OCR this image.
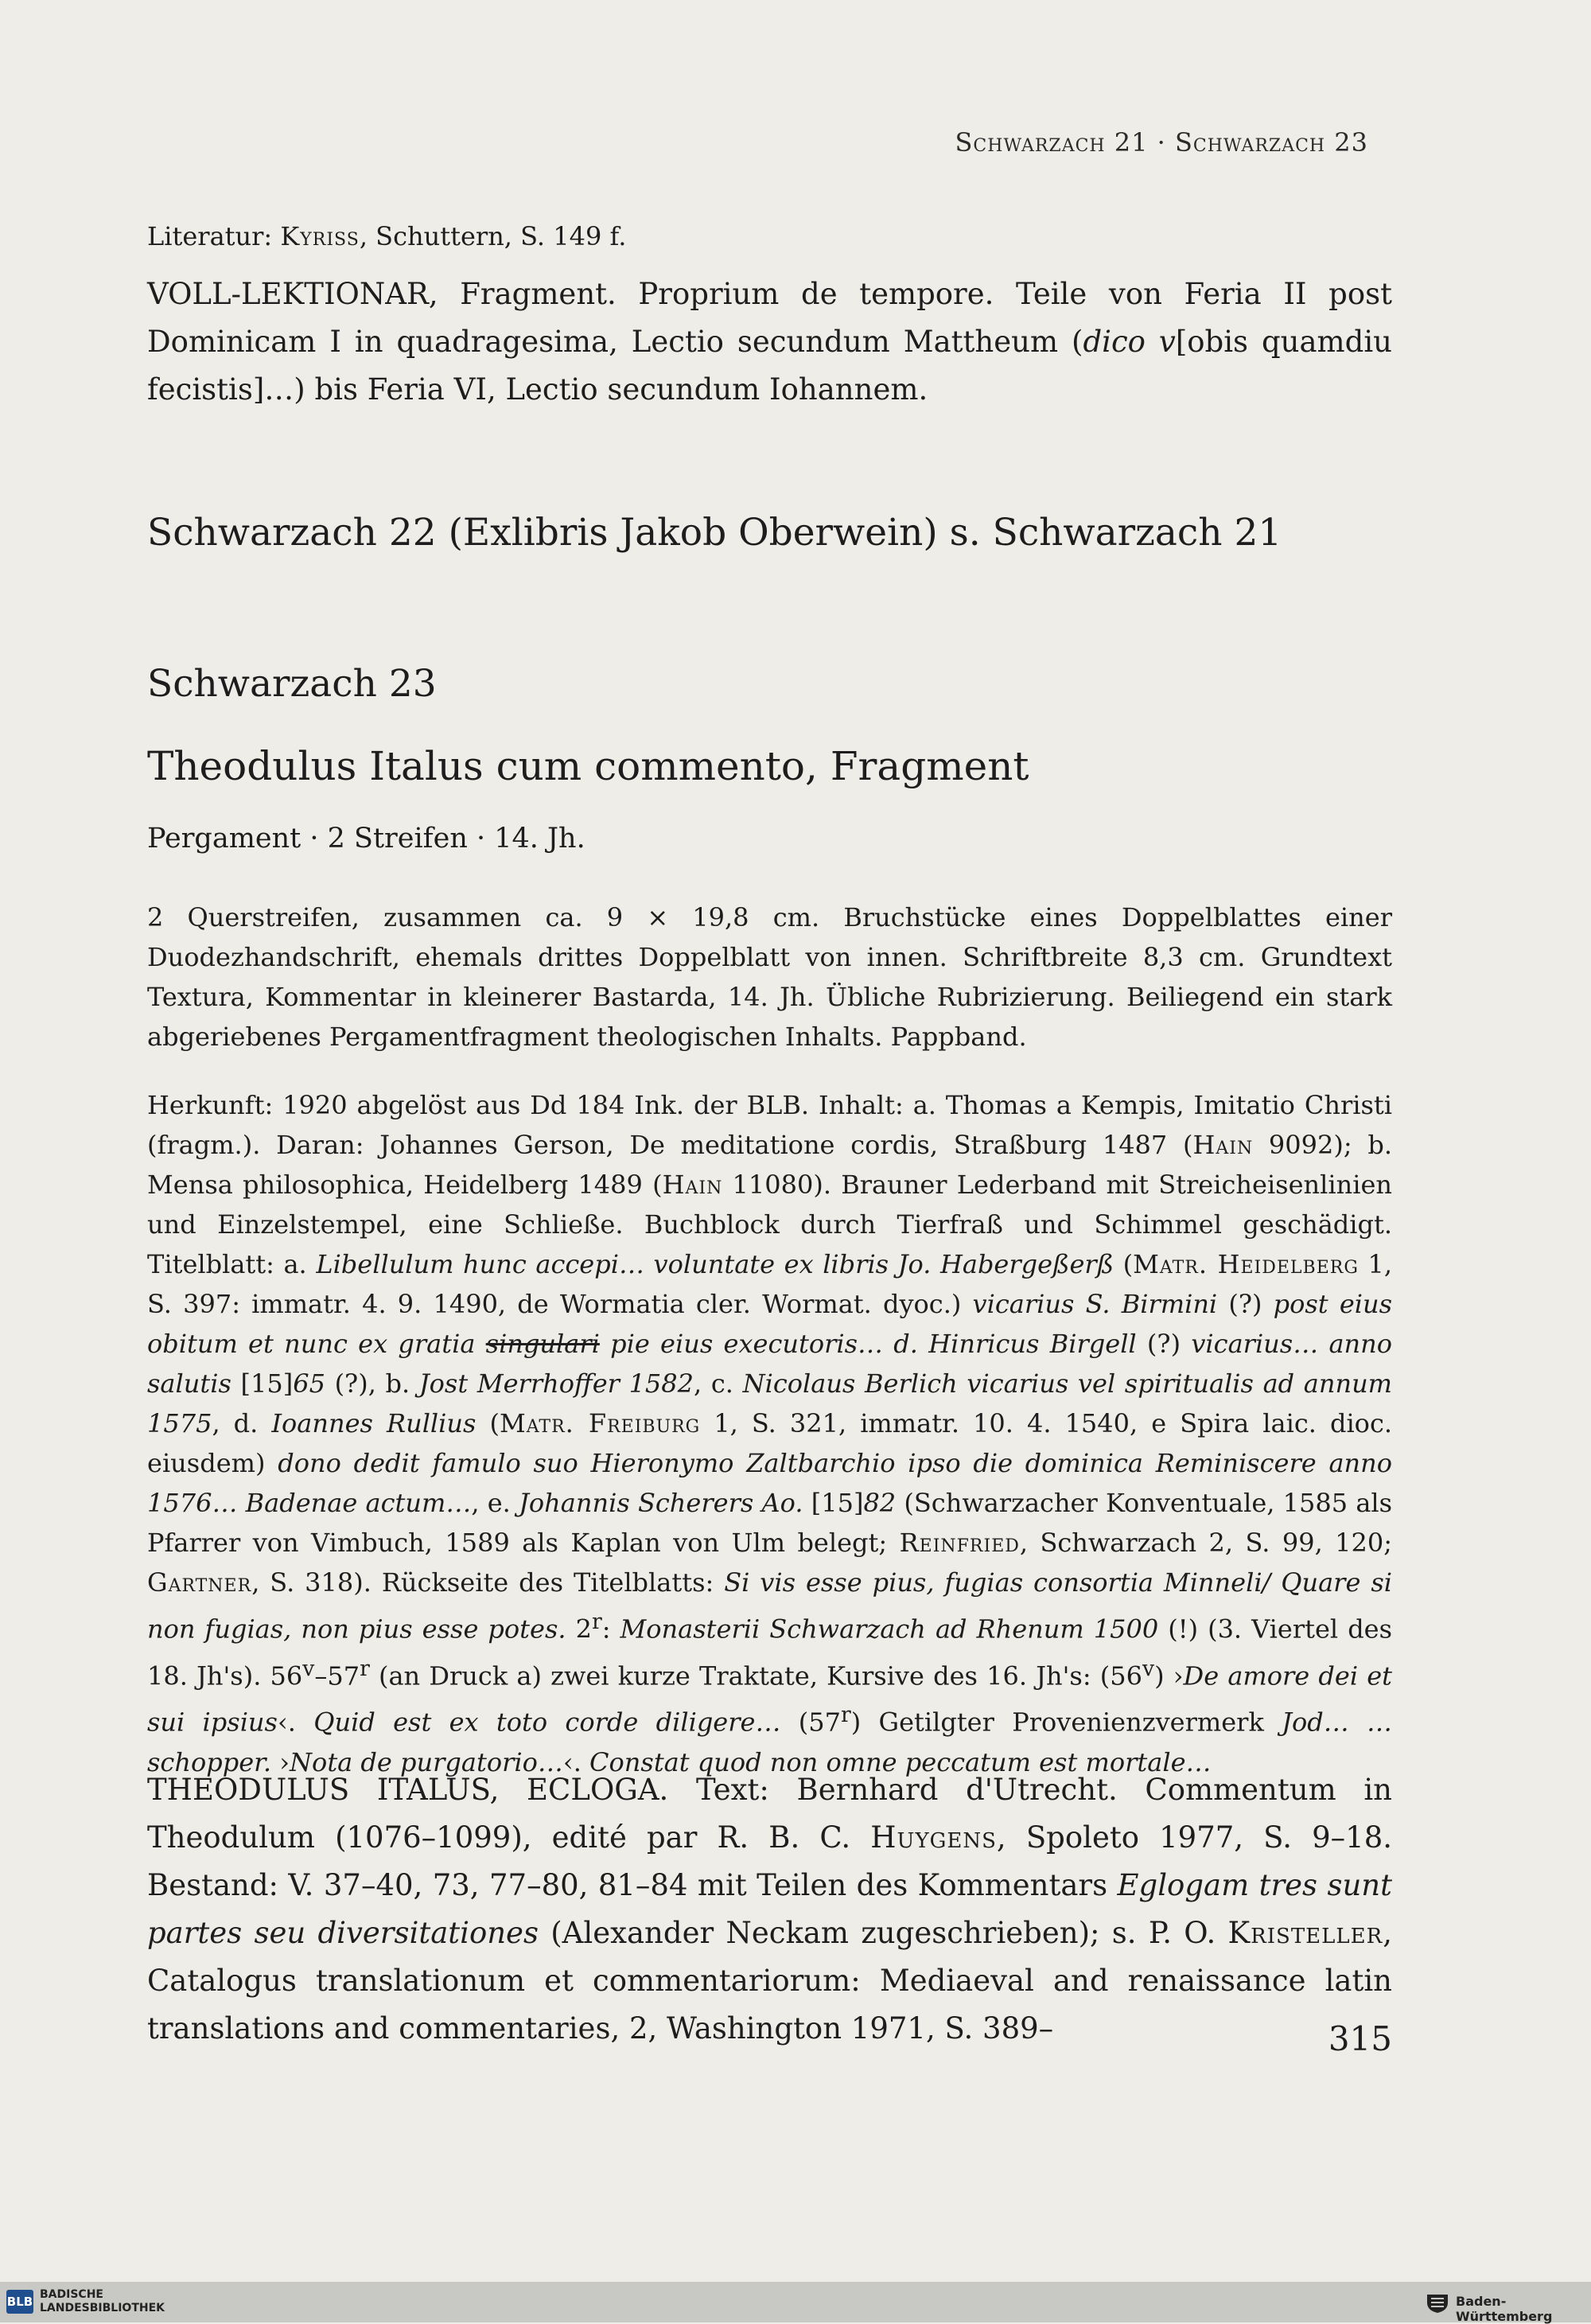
Schwarzach 21 · Schwarzach 23
Literatur: Kyriss, Schuttern, S. 149 f.
VOLL-LEKTIONAR, Fragment. Proprium de tempore. Teile von Feria II post Dominicam I in quadragesima, Lectio secundum Mattheum (dico v[obis quamdiu fecistis]…) bis Feria VI, Lectio secundum Iohannem.
Schwarzach 22 (Exlibris Jakob Oberwein) s. Schwarzach 21
Schwarzach 23
Theodulus Italus cum commento, Fragment
Pergament · 2 Streifen · 14. Jh.
2 Querstreifen, zusammen ca. 9 × 19,8 cm. Bruchstücke eines Doppelblattes einer Duodezhandschrift, ehemals drittes Doppelblatt von innen. Schriftbreite 8,3 cm. Grundtext Textura, Kommentar in kleinerer Bastarda, 14. Jh. Übliche Rubrizierung. Beiliegend ein stark abgeriebenes Pergamentfragment theologischen Inhalts. Pappband.
Herkunft: 1920 abgelöst aus Dd 184 Ink. der BLB. Inhalt: a. Thomas a Kempis, Imitatio Christi (fragm.). Daran: Johannes Gerson, De meditatione cordis, Straßburg 1487 (Hain 9092); b. Mensa philosophica, Heidelberg 1489 (Hain 11080). Brauner Lederband mit Streicheisenlinien und Einzelstempel, eine Schließe. Buchblock durch Tierfraß und Schimmel geschädigt. Titelblatt: a. Libellulum hunc accepi… voluntate ex libris Jo. Habergeßerß (Matr. Heidelberg 1, S. 397: immatr. 4. 9. 1490, de Wormatia cler. Wormat. dyoc.) vicarius S. Birmini (?) post eius obitum et nunc ex gratia singulari pie eius executoris… d. Hinricus Birgell (?) vicarius… anno salutis [15]65 (?), b. Jost Merrhoffer 1582, c. Nicolaus Berlich vicarius vel spiritualis ad annum 1575, d. Ioannes Rullius (Matr. Freiburg 1, S. 321, immatr. 10. 4. 1540, e Spira laic. dioc. eiusdem) dono dedit famulo suo Hieronymo Zaltbarchio ipso die dominica Reminiscere anno 1576… Badenae actum…, e. Johannis Scherers Ao. [15]82 (Schwarzacher Konventuale, 1585 als Pfarrer von Vimbuch, 1589 als Kaplan von Ulm belegt; Reinfried, Schwarzach 2, S. 99, 120; Gartner, S. 318). Rückseite des Titelblatts: Si vis esse pius, fugias consortia Minneli/ Quare si non fugias, non pius esse potes. 2$^r$: Monasterii Schwarzach ad Rhenum 1500 (!) (3. Viertel des 18. Jh's). 56$^v$–57$^r$ (an Druck a) zwei kurze Traktate, Kursive des 16. Jh's: (56$^v$) ›De amore dei et sui ipsius‹. Quid est ex toto corde diligere… (57$^r$) Getilgter Provenienzvermerk Jod… …schopper. ›Nota de purgatorio…‹. Constat quod non omne peccatum est mortale…
THEODULUS ITALUS, ECLOGA. Text: Bernhard d'Utrecht. Commentum in Theodulum (1076–1099), edité par R. B. C. Huygens, Spoleto 1977, S. 9–18. Bestand: V. 37–40, 73, 77–80, 81–84 mit Teilen des Kommentars Eglogam tres sunt partes seu diversitationes (Alexander Neckam zugeschrieben); s. P. O. Kristeller, Catalogus translationum et commentariorum: Mediaeval and renaissance latin translations and commentaries, 2, Washington 1971, S. 389–	315
BLB BADISCHE
LANDESBIBLIOTHEK	Baden-Württemberg
